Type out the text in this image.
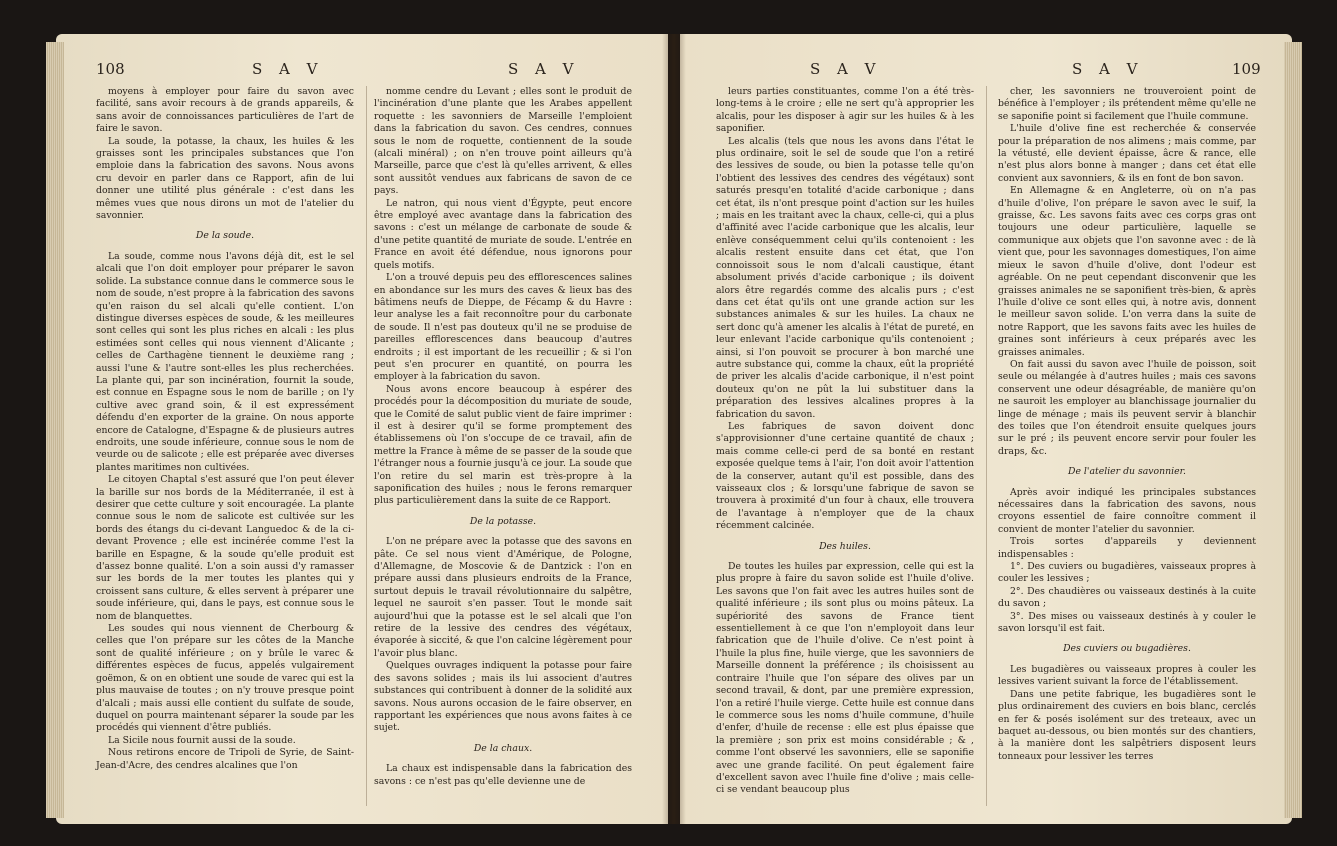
108	S A V	S A V

moyens à employer pour faire du savon avec facilité, sans avoir recours à de grands appareils, & sans avoir de connoissances particulières de l'art de faire le savon.

La soude, la potasse, la chaux, les huiles & les graisses sont les principales substances que l'on emploie dans la fabrication des savons. Nous avons cru devoir en parler dans ce Rapport, afin de lui donner une utilité plus générale : c'est dans les mêmes vues que nous dirons un mot de l'atelier du savonnier.

De la soude.

La soude, comme nous l'avons déjà dit, est le sel alcali que l'on doit employer pour préparer le savon solide. La substance connue dans le commerce sous le nom de soude, n'est propre à la fabrication des savons qu'en raison du sel alcali qu'elle contient. L'on distingue diverses espèces de soude, & les meilleures sont celles qui sont les plus riches en alcali : les plus estimées sont celles qui nous viennent d'Alicante ; celles de Carthagène tiennent le deuxième rang ; aussi l'une & l'autre sont-elles les plus recherchées. La plante qui, par son incinération, fournit la soude, est connue en Espagne sous le nom de barille ; on l'y cultive avec grand soin, & il est expressément défendu d'en exporter de la graine. On nous apporte encore de Catalogne, d'Espagne & de plusieurs autres endroits, une soude inférieure, connue sous le nom de veurde ou de salicote ; elle est préparée avec diverses plantes maritimes non cultivées.

Le citoyen Chaptal s'est assuré que l'on peut élever la barille sur nos bords de la Méditerranée, il est à desirer que cette culture y soit encouragée. La plante connue sous le nom de salicote est cultivée sur les bords des étangs du ci-devant Languedoc & de la ci-devant Provence ; elle est incinérée comme l'est la barille en Espagne, & la soude qu'elle produit est d'assez bonne qualité. L'on a soin aussi d'y ramasser sur les bords de la mer toutes les plantes qui y croissent sans culture, & elles servent à préparer une soude inférieure, qui, dans le pays, est connue sous le nom de blanquettes.

Les soudes qui nous viennent de Cherbourg & celles que l'on prépare sur les côtes de la Manche sont de qualité inférieure ; on y brûle le varec & différentes espèces de fucus, appelés vulgairement goëmon, & on en obtient une soude de varec qui est la plus mauvaise de toutes ; on n'y trouve presque point d'alcali ; mais aussi elle contient du sulfate de soude, duquel on pourra maintenant séparer la soude par les procédés qui viennent d'être publiés.

La Sicile nous fournit aussi de la soude.

Nous retirons encore de Tripoli de Syrie, de Saint-Jean-d'Acre, des cendres alcalines que l'on

nomme cendre du Levant ; elles sont le produit de l'incinération d'une plante que les Arabes appellent roquette : les savonniers de Marseille l'emploient dans la fabrication du savon. Ces cendres, connues sous le nom de roquette, contiennent de la soude (alcali minéral) ; on n'en trouve point ailleurs qu'à Marseille, parce que c'est là qu'elles arrivent, & elles sont aussitôt vendues aux fabricans de savon de ce pays.

Le natron, qui nous vient d'Égypte, peut encore être employé avec avantage dans la fabrication des savons : c'est un mélange de carbonate de soude & d'une petite quantité de muriate de soude. L'entrée en France en avoit été défendue, nous ignorons pour quels motifs.

L'on a trouvé depuis peu des efflorescences salines en abondance sur les murs des caves & lieux bas des bâtimens neufs de Dieppe, de Fécamp & du Havre : leur analyse les a fait reconnoître pour du carbonate de soude. Il n'est pas douteux qu'il ne se produise de pareilles efflorescences dans beaucoup d'autres endroits ; il est important de les recueillir ; & si l'on peut s'en procurer en quantité, on pourra les employer à la fabrication du savon.

Nous avons encore beaucoup à espérer des procédés pour la décomposition du muriate de soude, que le Comité de salut public vient de faire imprimer : il est à desirer qu'il se forme promptement des établissemens où l'on s'occupe de ce travail, afin de mettre la France à même de se passer de la soude que l'étranger nous a fournie jusqu'à ce jour. La soude que l'on retire du sel marin est très-propre à la saponification des huiles ; nous le ferons remarquer plus particulièrement dans la suite de ce Rapport.

De la potasse.

L'on ne prépare avec la potasse que des savons en pâte. Ce sel nous vient d'Amérique, de Pologne, d'Allemagne, de Moscovie & de Dantzick : l'on en prépare aussi dans plusieurs endroits de la France, surtout depuis le travail révolutionnaire du salpêtre, lequel ne sauroit s'en passer. Tout le monde sait aujourd'hui que la potasse est le sel alcali que l'on retire de la lessive des cendres des végétaux, évaporée à siccité, & que l'on calcine légèrement pour l'avoir plus blanc.

Quelques ouvrages indiquent la potasse pour faire des savons solides ; mais ils lui associent d'autres substances qui contribuent à donner de la solidité aux savons. Nous aurons occasion de le faire observer, en rapportant les expériences que nous avons faites à ce sujet.

De la chaux.

La chaux est indispensable dans la fabrication des savons : ce n'est pas qu'elle devienne une de

S A V	S A V	109

leurs parties constituantes, comme l'on a été très-long-tems à le croire ; elle ne sert qu'à approprier les alcalis, pour les disposer à agir sur les huiles & à les saponifier.

Les alcalis (tels que nous les avons dans l'état le plus ordinaire, soit le sel de soude que l'on a retiré des lessives de soude, ou bien la potasse telle qu'on l'obtient des lessives des cendres des végétaux) sont saturés presqu'en totalité d'acide carbonique ; dans cet état, ils n'ont presque point d'action sur les huiles ; mais en les traitant avec la chaux, celle-ci, qui a plus d'affinité avec l'acide carbonique que les alcalis, leur enlève conséquemment celui qu'ils contenoient : les alcalis restent ensuite dans cet état, que l'on connoissoit sous le nom d'alcali caustique, étant absolument privés d'acide carbonique ; ils doivent alors être regardés comme des alcalis purs ; c'est dans cet état qu'ils ont une grande action sur les substances animales & sur les huiles. La chaux ne sert donc qu'à amener les alcalis à l'état de pureté, en leur enlevant l'acide carbonique qu'ils contenoient ; ainsi, si l'on pouvoit se procurer à bon marché une autre substance qui, comme la chaux, eût la propriété de priver les alcalis d'acide carbonique, il n'est point douteux qu'on ne pût la lui substituer dans la préparation des lessives alcalines propres à la fabrication du savon.

Les fabriques de savon doivent donc s'approvisionner d'une certaine quantité de chaux ; mais comme celle-ci perd de sa bonté en restant exposée quelque tems à l'air, l'on doit avoir l'attention de la conserver, autant qu'il est possible, dans des vaisseaux clos ; & lorsqu'une fabrique de savon se trouvera à proximité d'un four à chaux, elle trouvera de l'avantage à n'employer que de la chaux récemment calcinée.

Des huiles.

De toutes les huiles par expression, celle qui est la plus propre à faire du savon solide est l'huile d'olive. Les savons que l'on fait avec les autres huiles sont de qualité inférieure ; ils sont plus ou moins pâteux. La supériorité des savons de France tient essentiellement à ce que l'on n'employoit dans leur fabrication que de l'huile d'olive. Ce n'est point à l'huile la plus fine, huile vierge, que les savonniers de Marseille donnent la préférence ; ils choisissent au contraire l'huile que l'on sépare des olives par un second travail, & dont, par une première expression, l'on a retiré l'huile vierge. Cette huile est connue dans le commerce sous les noms d'huile commune, d'huile d'enfer, d'huile de recense : elle est plus épaisse que la première ; son prix est moins considérable ; & , comme l'ont observé les savonniers, elle se saponifie avec une grande facilité. On peut également faire d'excellent savon avec l'huile fine d'olive ; mais celle-ci se vendant beaucoup plus

cher, les savonniers ne trouveroient point de bénéfice à l'employer ; ils prétendent même qu'elle ne se saponifie point si facilement que l'huile commune.

L'huile d'olive fine est recherchée & conservée pour la préparation de nos alimens ; mais comme, par la vétusté, elle devient épaisse, âcre & rance, elle n'est plus alors bonne à manger ; dans cet état elle convient aux savonniers, & ils en font de bon savon.

En Allemagne & en Angleterre, où on n'a pas d'huile d'olive, l'on prépare le savon avec le suif, la graisse, &c. Les savons faits avec ces corps gras ont toujours une odeur particulière, laquelle se communique aux objets que l'on savonne avec : de là vient que, pour les savonnages domestiques, l'on aime mieux le savon d'huile d'olive, dont l'odeur est agréable. On ne peut cependant disconvenir que les graisses animales ne se saponifient très-bien, & après l'huile d'olive ce sont elles qui, à notre avis, donnent le meilleur savon solide. L'on verra dans la suite de notre Rapport, que les savons faits avec les huiles de graines sont inférieurs à ceux préparés avec les graisses animales.

On fait aussi du savon avec l'huile de poisson, soit seule ou mélangée à d'autres huiles ; mais ces savons conservent une odeur désagréable, de manière qu'on ne sauroit les employer au blanchissage journalier du linge de ménage ; mais ils peuvent servir à blanchir des toiles que l'on étendroit ensuite quelques jours sur le pré ; ils peuvent encore servir pour fouler les draps, &c.

De l'atelier du savonnier.

Après avoir indiqué les principales substances nécessaires dans la fabrication des savons, nous croyons essentiel de faire connoître comment il convient de monter l'atelier du savonnier.

Trois sortes d'appareils y deviennent indispensables :

1°. Des cuviers ou bugadières, vaisseaux propres à couler les lessives ;

2°. Des chaudières ou vaisseaux destinés à la cuite du savon ;

3°. Des mises ou vaisseaux destinés à y couler le savon lorsqu'il est fait.

Des cuviers ou bugadières.

Les bugadières ou vaisseaux propres à couler les lessives varient suivant la force de l'établissement.

Dans une petite fabrique, les bugadières sont le plus ordinairement des cuviers en bois blanc, cerclés en fer & posés isolément sur des treteaux, avec un baquet au-dessous, ou bien montés sur des chantiers, à la manière dont les salpêtriers disposent leurs tonneaux pour lessiver les terres
